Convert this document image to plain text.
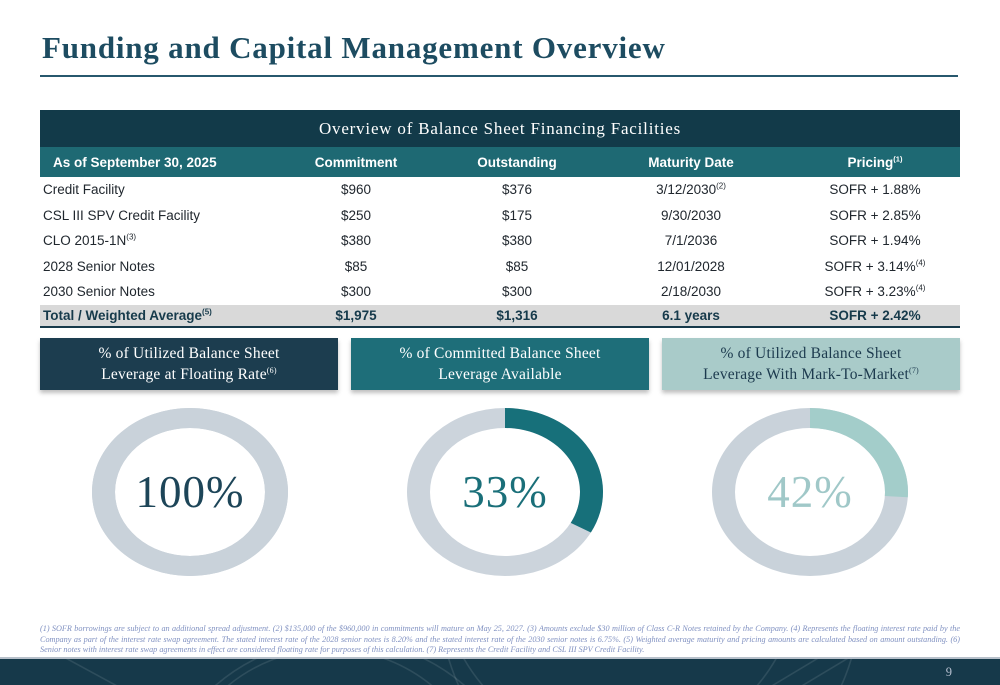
Funding and Capital Management Overview
Overview of Balance Sheet Financing Facilities
As of September 30, 2025	Commitment	Outstanding	Maturity Date	Pricing$^{(1)}$
Credit Facility	$960	$376	3/12/2030$^{(2)}$	SOFR + 1.88%
CSL III SPV Credit Facility	$250	$175	9/30/2030	SOFR + 2.85%
CLO $2015-1N^{(3)}$	$380	$380	7/1/2036	SOFR + 1.94%
2028 Senior Notes	$85	$85	12/01/2028	SOFR + 3.14%$^{(4)}$
2030 Senior Notes	$300	$300	2/18/2030	SOFR + 3.23%$^{(4)}$
Total / Weighted Average$^{(5)}$	$1,975	$1,316	6.1 years	SOFR + 2.42%
% of Utilized Balance Sheet
Leverage at Floating Rate$^{(6)}$
% of Committed Balance Sheet
Leverage Available
% of Utilized Balance Sheet
Leverage With Mark-To-Market$^{(7)}$
100%	33%	42%
(1) SOFR borrowings are subject to an additional spread adjustment. (2) $135,000 of the $960,000 in commitments will mature on May 25, 2027. (3) Amounts exclude $30 million of Class C-R Notes retained by the Company. (4) Represents the floating interest rate paid by the Company as part of the interest rate swap agreement. The stated interest rate of the 2028 senior notes is 8.20% and the stated interest rate of the 2030 senior notes is 6.75%. (5) Weighted average maturity and pricing amounts are calculated based on amount outstanding. (6) Senior notes with interest rate swap agreements in effect are considered floating rate for purposes of this calculation. (7) Represents the Credit Facility and CSL III SPV Credit Facility.
9
